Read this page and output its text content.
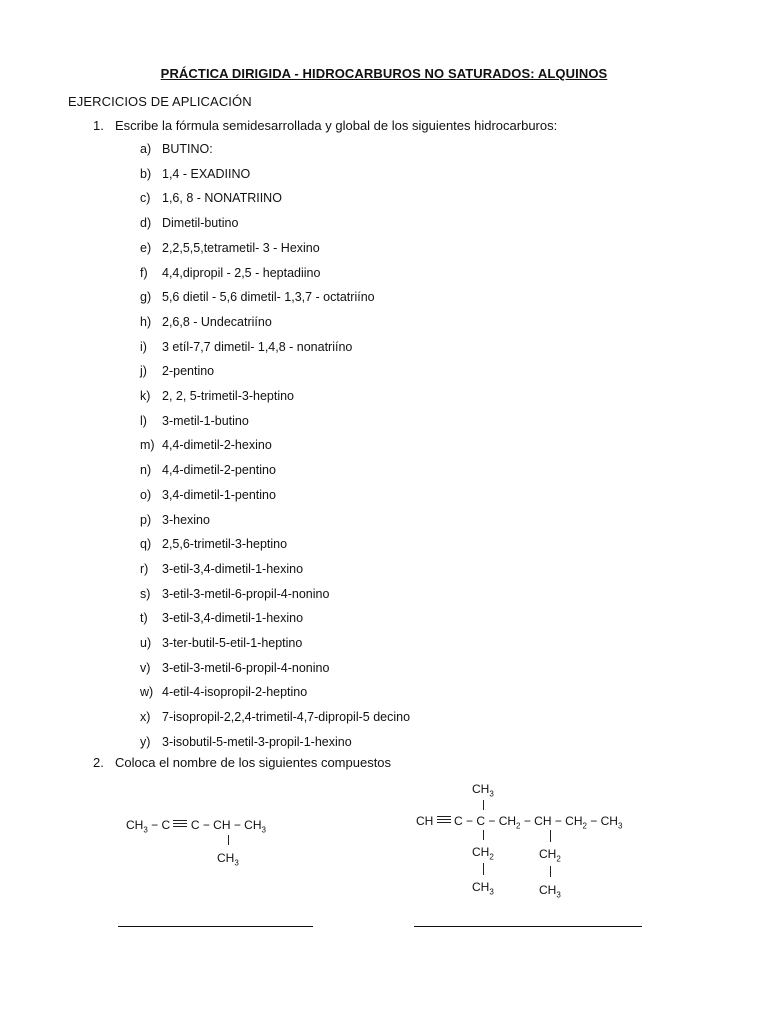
PRÁCTICA DIRIGIDA - HIDROCARBUROS NO SATURADOS: ALQUINOS
EJERCICIOS DE APLICACIÓN
1. Escribe la fórmula semidesarrollada y global de los siguientes hidrocarburos:
a) BUTINO:
b) 1,4 - EXADIINO
c) 1,6, 8 - NONATRIINO
d) Dimetil-butino
e) 2,2,5,5,tetrametil- 3 - Hexino
f) 4,4,dipropil - 2,5 - heptadiino
g) 5,6 dietil - 5,6 dimetil- 1,3,7 - octatriíno
h) 2,6,8 - Undecatriíno
i) 3 etíl-7,7 dimetil- 1,4,8 - nonatriíno
j) 2-pentino
k) 2, 2, 5-trimetil-3-heptino
l) 3-metil-1-butino
m) 4,4-dimetil-2-hexino
n) 4,4-dimetil-2-pentino
o) 3,4-dimetil-1-pentino
p) 3-hexino
q) 2,5,6-trimetil-3-heptino
r) 3-etil-3,4-dimetil-1-hexino
s) 3-etil-3-metil-6-propil-4-nonino
t) 3-etil-3,4-dimetil-1-hexino
u) 3-ter-butil-5-etil-1-heptino
v) 3-etil-3-metil-6-propil-4-nonino
w) 4-etil-4-isopropil-2-heptino
x) 7-isopropil-2,2,4-trimetil-4,7-dipropil-5 decino
y) 3-isobutil-5-metil-3-propil-1-hexino
2. Coloca el nombre de los siguientes compuestos
$CH_3 - C$ C − CH − $CH_3$
$CH_3$
$CH_3$
CH $C - C - CH_2$ − CH − $CH_2 - CH_3$
$CH_2$
$CH_3$
$CH_2$
$CH_3$
